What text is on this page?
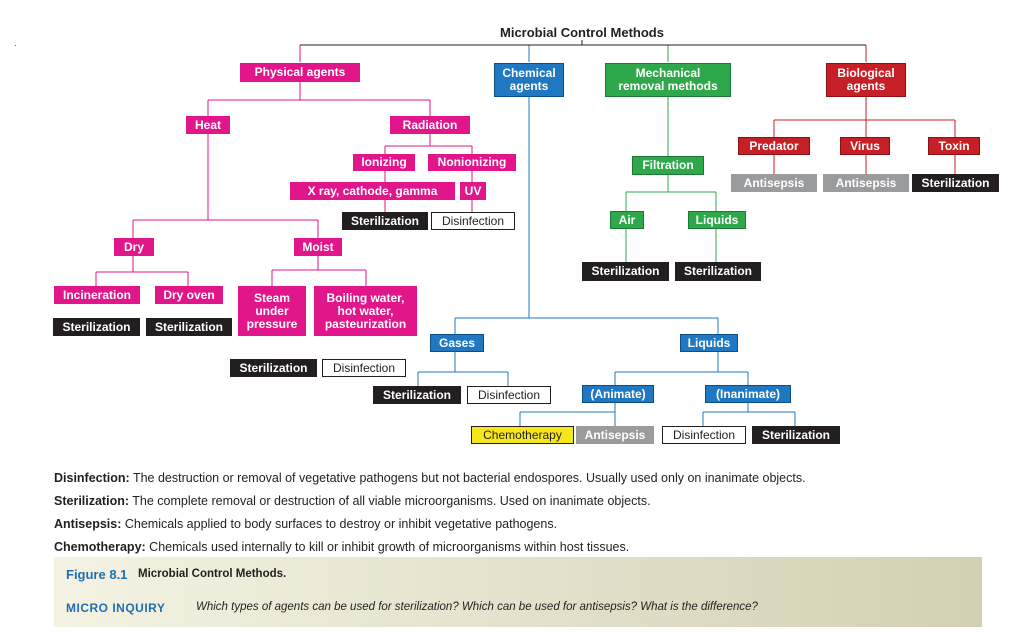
.
Microbial Control Methods
Physical agents	Chemical
agents
Mechanical
removal methods
Biological
agents
Heat	Radiation
Ionizing	Nonionizing
X ray, cathode, gamma	UV
Sterilization	Disinfection
Dry	Moist
Incineration	Dry oven
Sterilization	Sterilization
Steam
under
pressure
Boiling water,
hot water,
pasteurization
Sterilization	Disinfection
Filtration
Air	Liquids
Sterilization	Sterilization
Predator	Virus	Toxin
Antisepsis	Antisepsis	Sterilization
Gases	Liquids
Sterilization	Disinfection	(Animate)	(Inanimate)
Chemotherapy	Antisepsis	Disinfection	Sterilization
Disinfection: The destruction or removal of vegetative pathogens but not bacterial endospores. Usually used only on inanimate objects.
Sterilization: The complete removal or destruction of all viable microorganisms. Used on inanimate objects.
Antisepsis: Chemicals applied to body surfaces to destroy or inhibit vegetative pathogens.
Chemotherapy: Chemicals used internally to kill or inhibit growth of microorganisms within host tissues.
Figure 8.1 Microbial Control Methods.
MICRO INQUIRY	Which types of agents can be used for sterilization? Which can be used for antisepsis? What is the difference?
